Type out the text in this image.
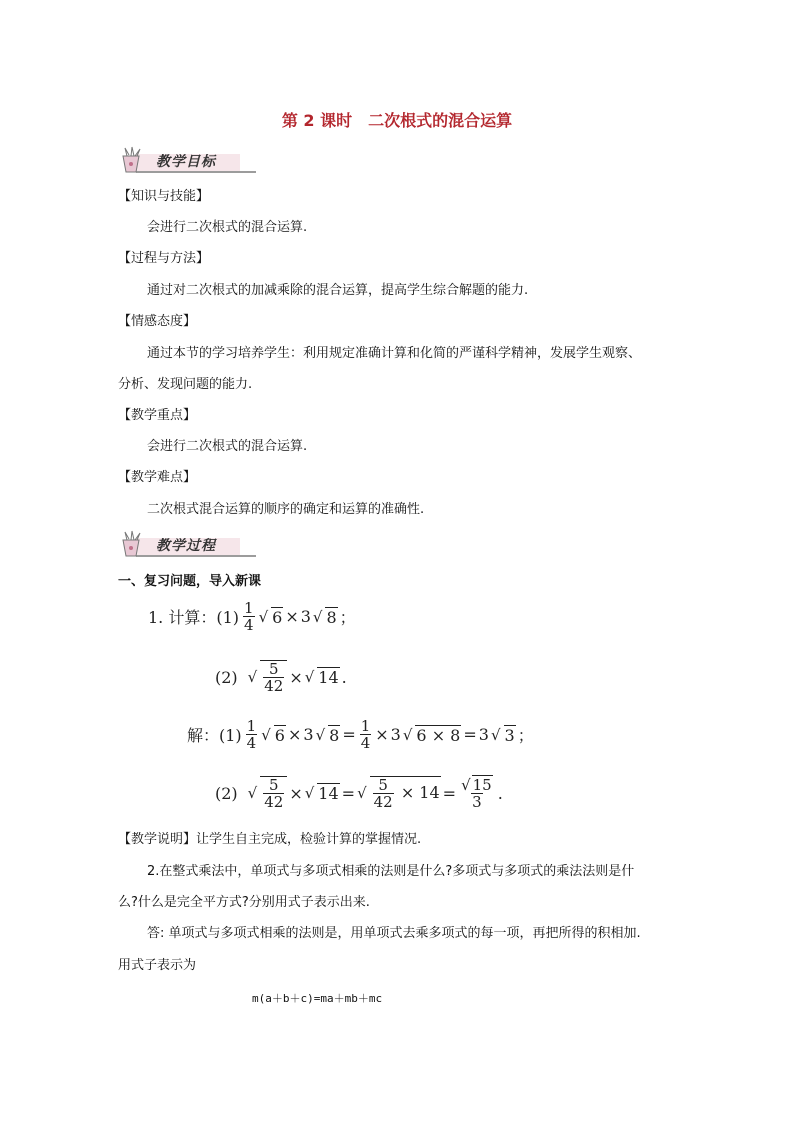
第 2 课时　二次根式的混合运算
教学目标
【知识与技能】
会进行二次根式的混合运算.
【过程与方法】
通过对二次根式的加减乘除的混合运算，提高学生综合解题的能力.
【情感态度】
通过本节的学习培养学生：利用规定准确计算和化简的严谨科学精神，发展学生观察、
分析、发现问题的能力.
【教学重点】
会进行二次根式的混合运算.
【教学难点】
二次根式混合运算的顺序的确定和运算的准确性.
教学过程
一、复习问题，导入新课
1. 计算：$(1) \frac{1}{4}$ √ 6 × 3 √ 8 ；
(2) √ $\frac{5}{42}$ × √ 14 .
解：$(1) \frac{1}{4}$ √ 6 × 3 √ $8 = \frac{1}{4} \times 3$ √ 6 × 8 = 3 √ 3 ；
(2) √ $\frac{5}{42}$ × √ 14 = √ $\frac{5}{42} \times 14 = \frac{√ 15}{3}$ .
【教学说明】让学生自主完成，检验计算的掌握情况.
2.在整式乘法中，单项式与多项式相乘的法则是什么?多项式与多项式的乘法法则是什
么?什么是完全平方式?分别用式子表示出来.
答: 单项式与多项式相乘的法则是，用单项式去乘多项式的每一项，再把所得的积相加.
用式子表示为
m(a＋b＋c)=ma＋mb＋mc
